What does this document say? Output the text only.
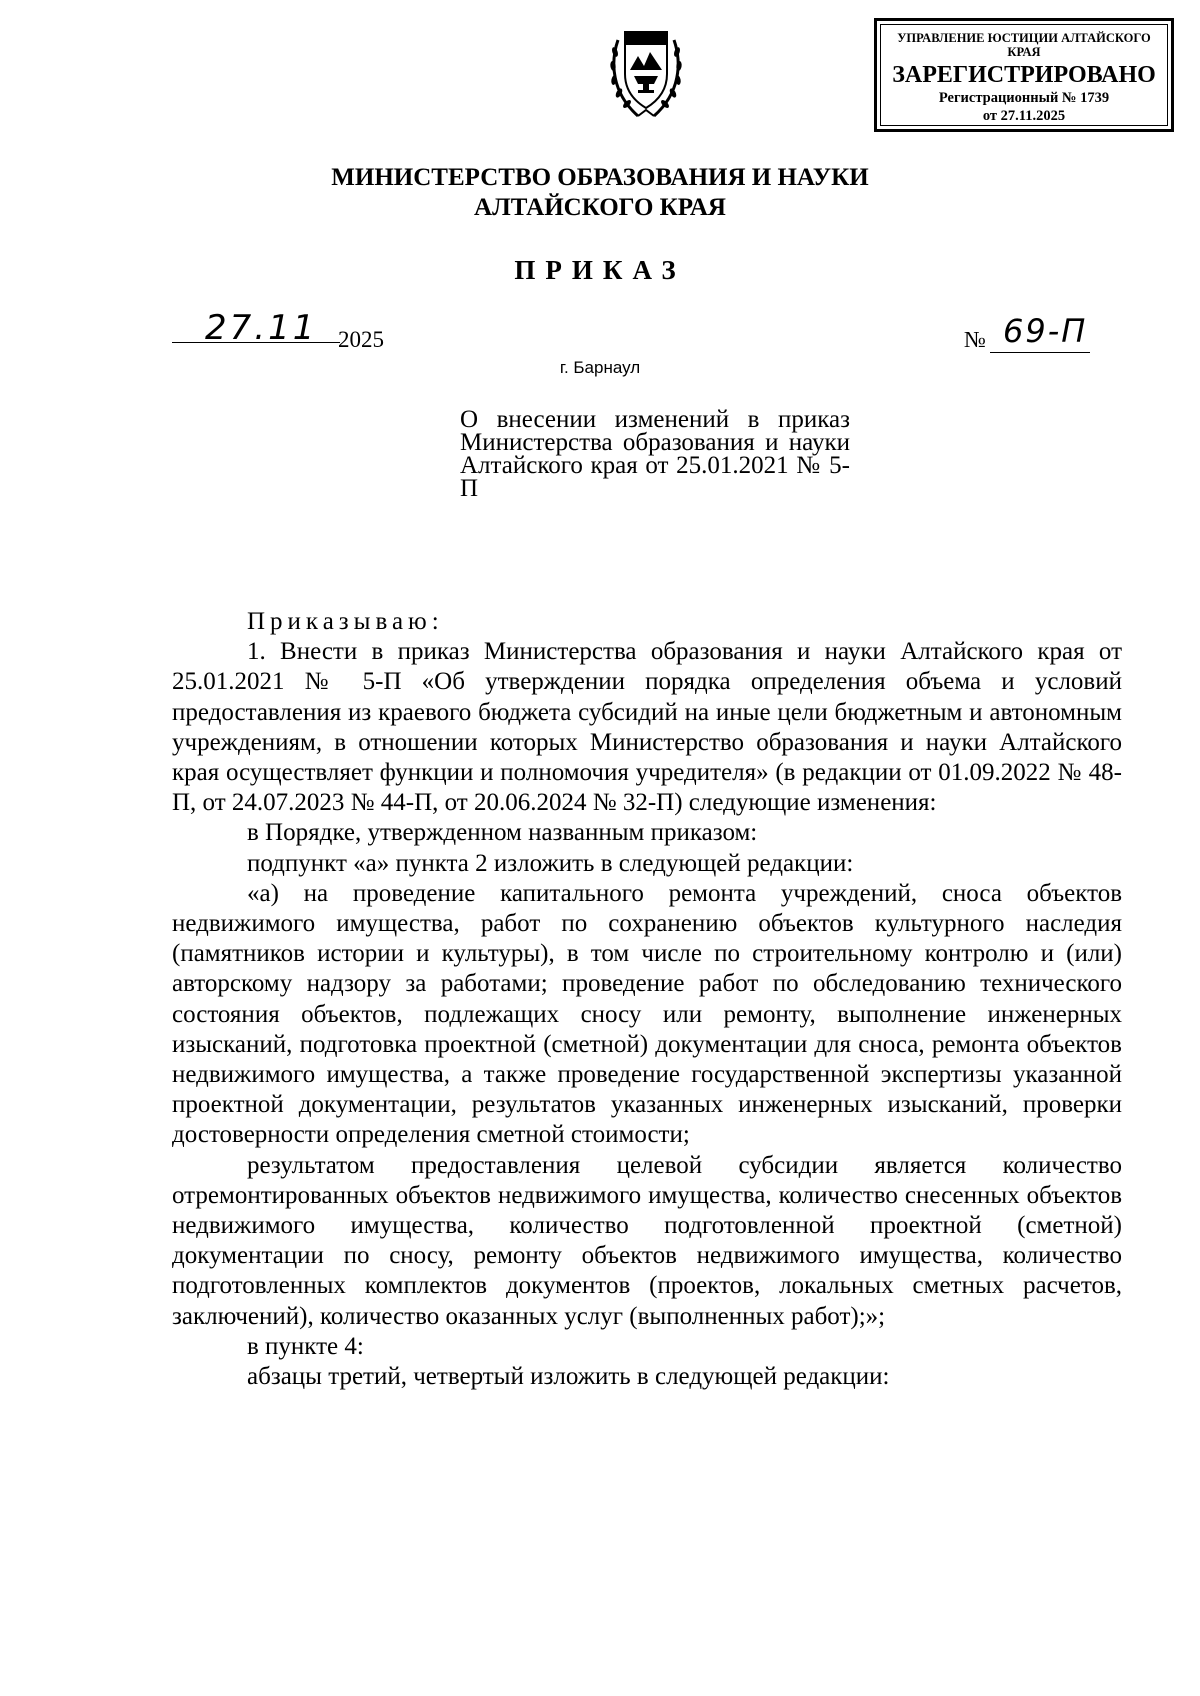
УПРАВЛЕНИЕ ЮСТИЦИИ АЛТАЙСКОГО КРАЯ
ЗАРЕГИСТРИРОВАНО
Регистрационный № 1739
от 27.11.2025
МИНИСТЕРСТВО ОБРАЗОВАНИЯ И НАУКИ
АЛТАЙСКОГО КРАЯ
ПРИКАЗ
27.11 2025	№ 69-П
г. Барнаул
О внесении изменений в приказ Министерства образования и науки Алтайского края от 25.01.2021 № 5-П

Приказываю:

1. Внести в приказ Министерства образования и науки Алтайского края от 25.01.2021 № 5-П «Об утверждении порядка определения объема и условий предоставления из краевого бюджета субсидий на иные цели бюджетным и автономным учреждениям, в отношении которых Министерство образования и науки Алтайского края осуществляет функции и полномочия учредителя» (в редакции от 01.09.2022 № 48-П, от 24.07.2023 № 44-П, от 20.06.2024 № 32-П) следующие изменения:

в Порядке, утвержденном названным приказом:

подпункт «а» пункта 2 изложить в следующей редакции:

«а) на проведение капитального ремонта учреждений, сноса объектов недвижимого имущества, работ по сохранению объектов культурного наследия (памятников истории и культуры), в том числе по строительному контролю и (или) авторскому надзору за работами; проведение работ по обследованию технического состояния объектов, подлежащих сносу или ремонту, выполнение инженерных изысканий, подготовка проектной (сметной) документации для сноса, ремонта объектов недвижимого имущества, а также проведение государственной экспертизы указанной проектной документации, результатов указанных инженерных изысканий, проверки достоверности определения сметной стоимости;

результатом предоставления целевой субсидии является количество отремонтированных объектов недвижимого имущества, количество снесенных объектов недвижимого имущества, количество подготовленной проектной (сметной) документации по сносу, ремонту объектов недвижимого имущества, количество подготовленных комплектов документов (проектов, локальных сметных расчетов, заключений), количество оказанных услуг (выполненных работ);»;

в пункте 4:

абзацы третий, четвертый изложить в следующей редакции:
